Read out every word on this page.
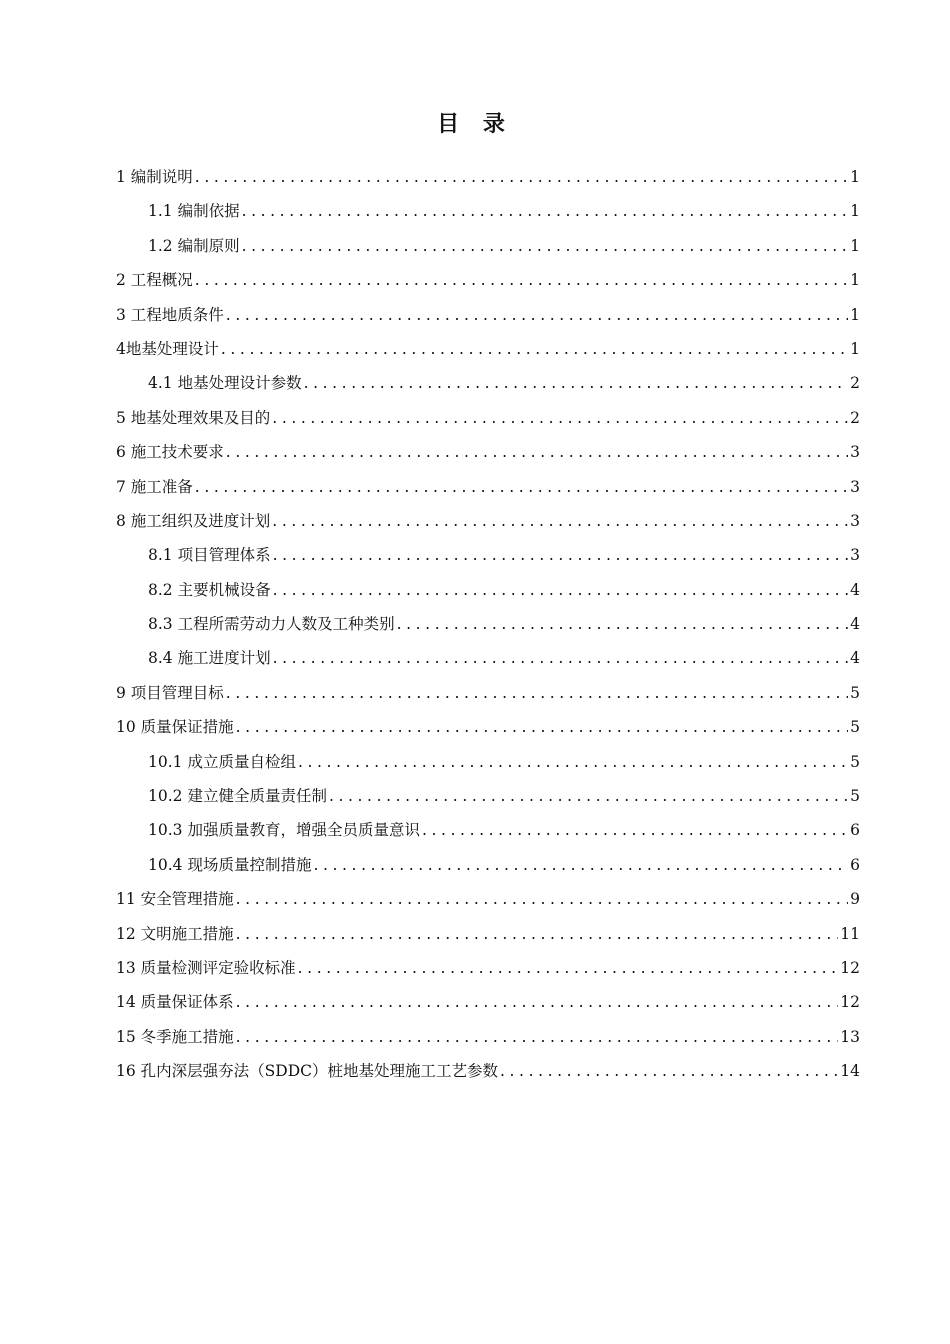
目 录
1 编制说明 .....	1
1.1 编制依据 .....	1
1.2 编制原则 .....	1
2 工程概况 .....	1
3 工程地质条件 .....	1
4地基处理设计 .....	1
4.1 地基处理设计参数 .....	2
5 地基处理效果及目的 .....	2
6 施工技术要求 .....	3
7 施工准备 .....	3
8 施工组织及进度计划 .....	3
8.1 项目管理体系 .....	3
8.2 主要机械设备 .....	4
8.3 工程所需劳动力人数及工种类别 .....	4
8.4 施工进度计划 .....	4
9 项目管理目标 .....	5
10 质量保证措施 .....	5
10.1 成立质量自检组 .....	5
10.2 建立健全质量责任制 .....	5
10.3 加强质量教育，增强全员质量意识 .....	6
10.4 现场质量控制措施 .....	6
11 安全管理措施 .....	9
12 文明施工措施 .....	11
13 质量检测评定验收标准 .....	12
14 质量保证体系 .....	12
15 冬季施工措施 .....	13
16 孔内深层强夯法（SDDC）桩地基处理施工工艺参数 .....	14
